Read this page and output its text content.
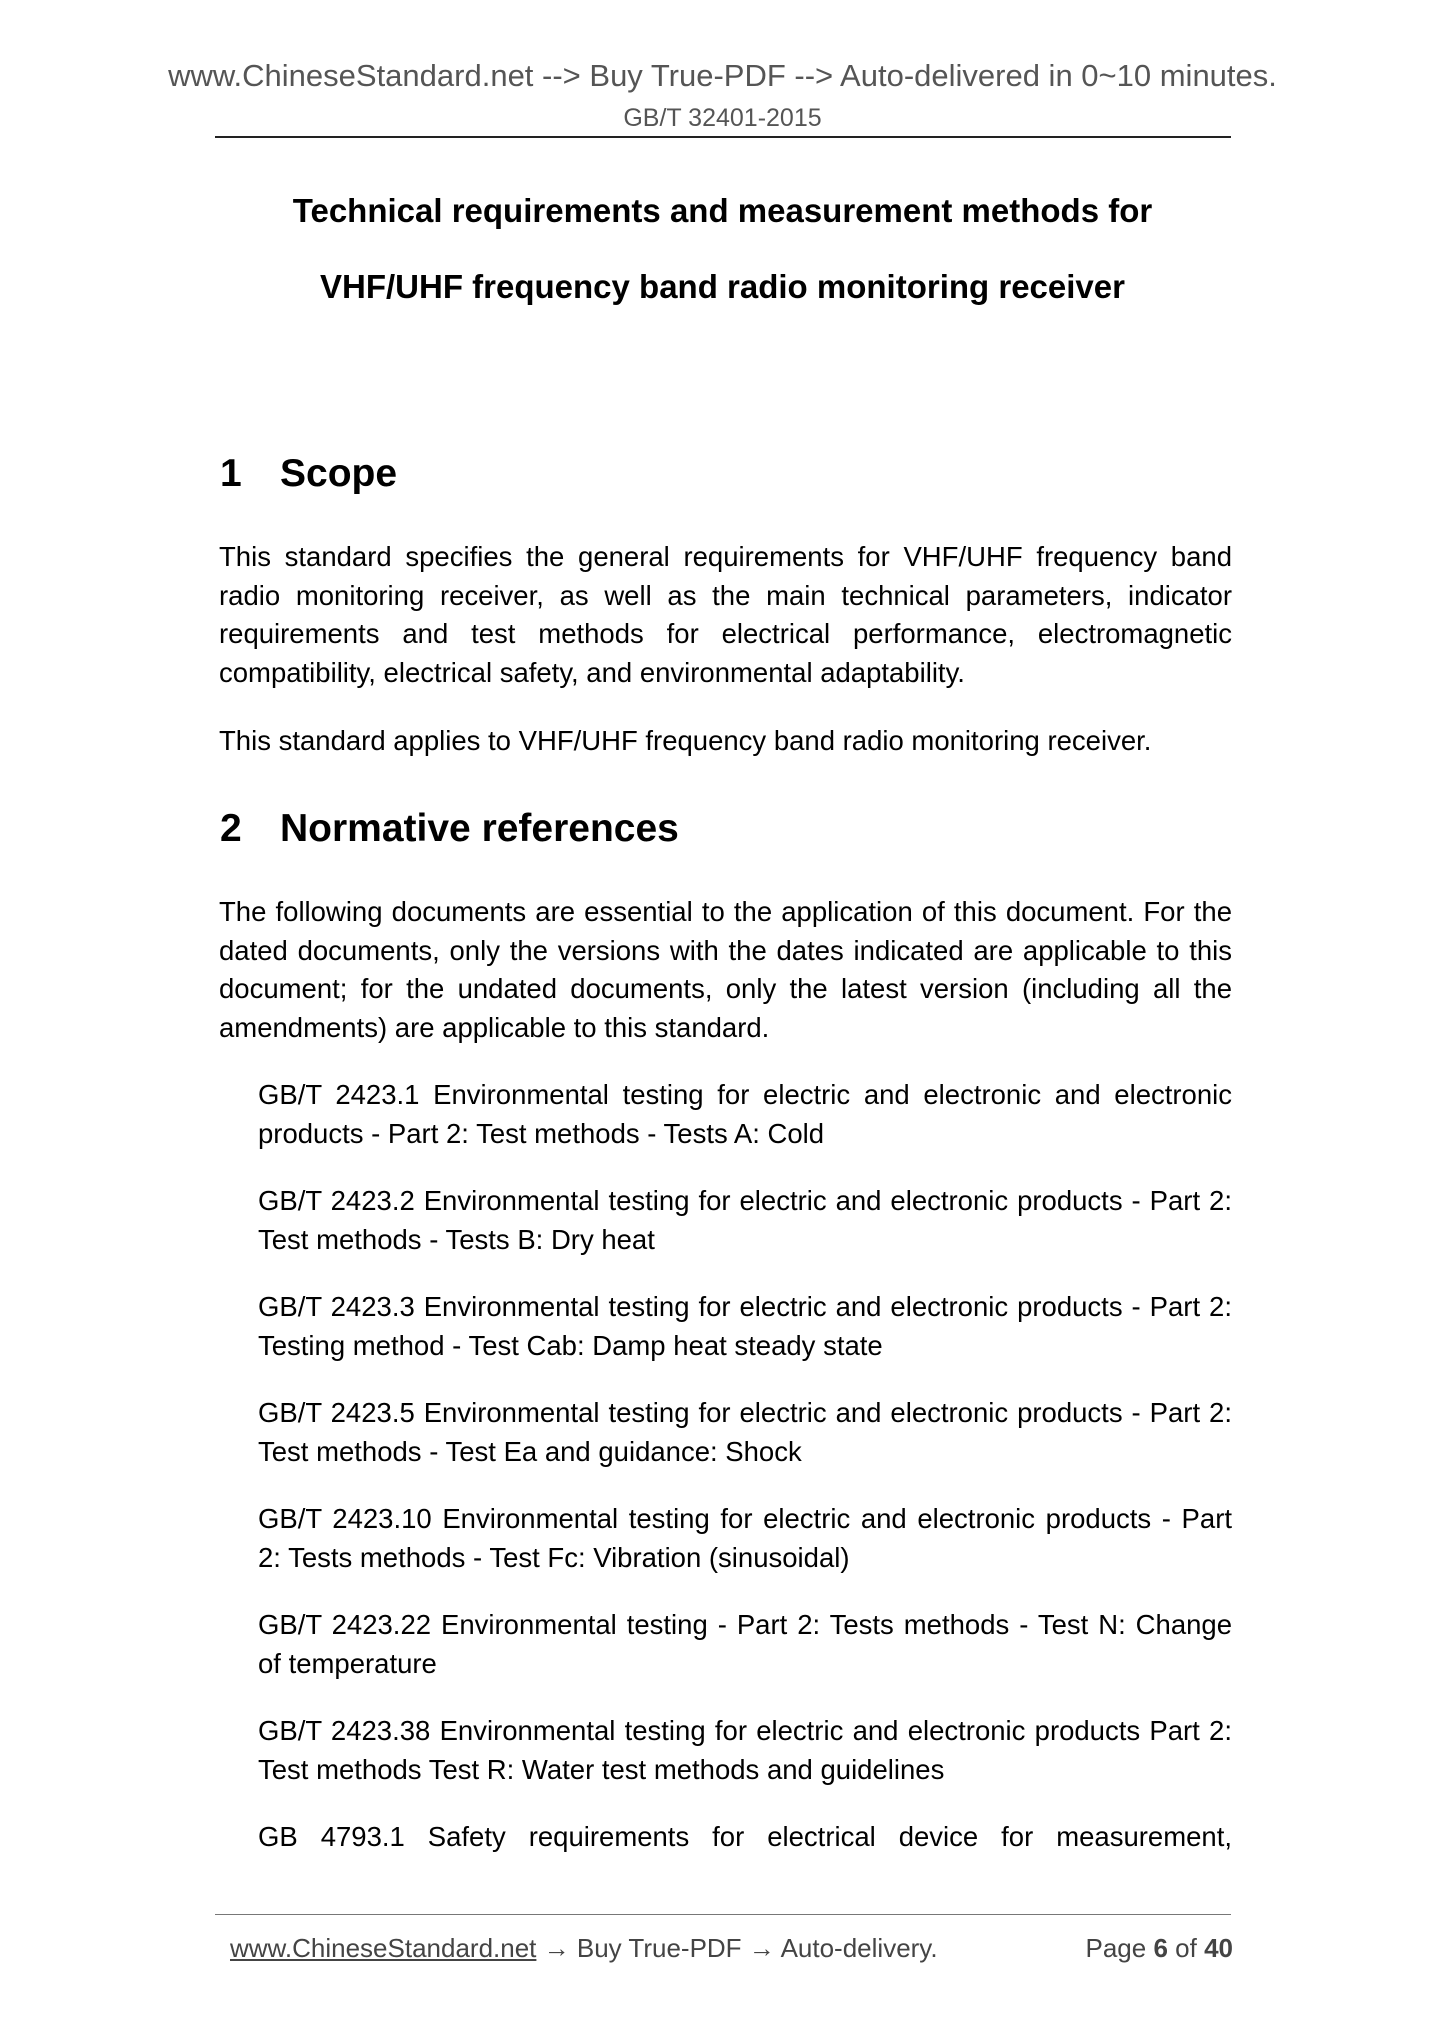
www.ChineseStandard.net --> Buy True-PDF --> Auto-delivered in 0~10 minutes.
GB/T 32401-2015
Technical requirements and measurement methods for
VHF/UHF frequency band radio monitoring receiver
1 Scope
This standard specifies the general requirements for VHF/UHF frequency band radio monitoring receiver, as well as the main technical parameters, indicator requirements and test methods for electrical performance, electromagnetic compatibility, electrical safety, and environmental adaptability.
This standard applies to VHF/UHF frequency band radio monitoring receiver.
2 Normative references
The following documents are essential to the application of this document. For the dated documents, only the versions with the dates indicated are applicable to this document; for the undated documents, only the latest version (including all the amendments) are applicable to this standard.
GB/T 2423.1 Environmental testing for electric and electronic and electronic products - Part 2: Test methods - Tests A: Cold
GB/T 2423.2 Environmental testing for electric and electronic products - Part 2: Test methods - Tests B: Dry heat
GB/T 2423.3 Environmental testing for electric and electronic products - Part 2: Testing method - Test Cab: Damp heat steady state
GB/T 2423.5 Environmental testing for electric and electronic products - Part 2: Test methods - Test Ea and guidance: Shock
GB/T 2423.10 Environmental testing for electric and electronic products - Part 2: Tests methods - Test Fc: Vibration (sinusoidal)
GB/T 2423.22 Environmental testing - Part 2: Tests methods - Test N: Change of temperature
GB/T 2423.38 Environmental testing for electric and electronic products Part 2: Test methods Test R: Water test methods and guidelines
GB 4793.1 Safety requirements for electrical device for measurement,
www.ChineseStandard.net → Buy True-PDF → Auto-delivery.	Page 6 of 40
